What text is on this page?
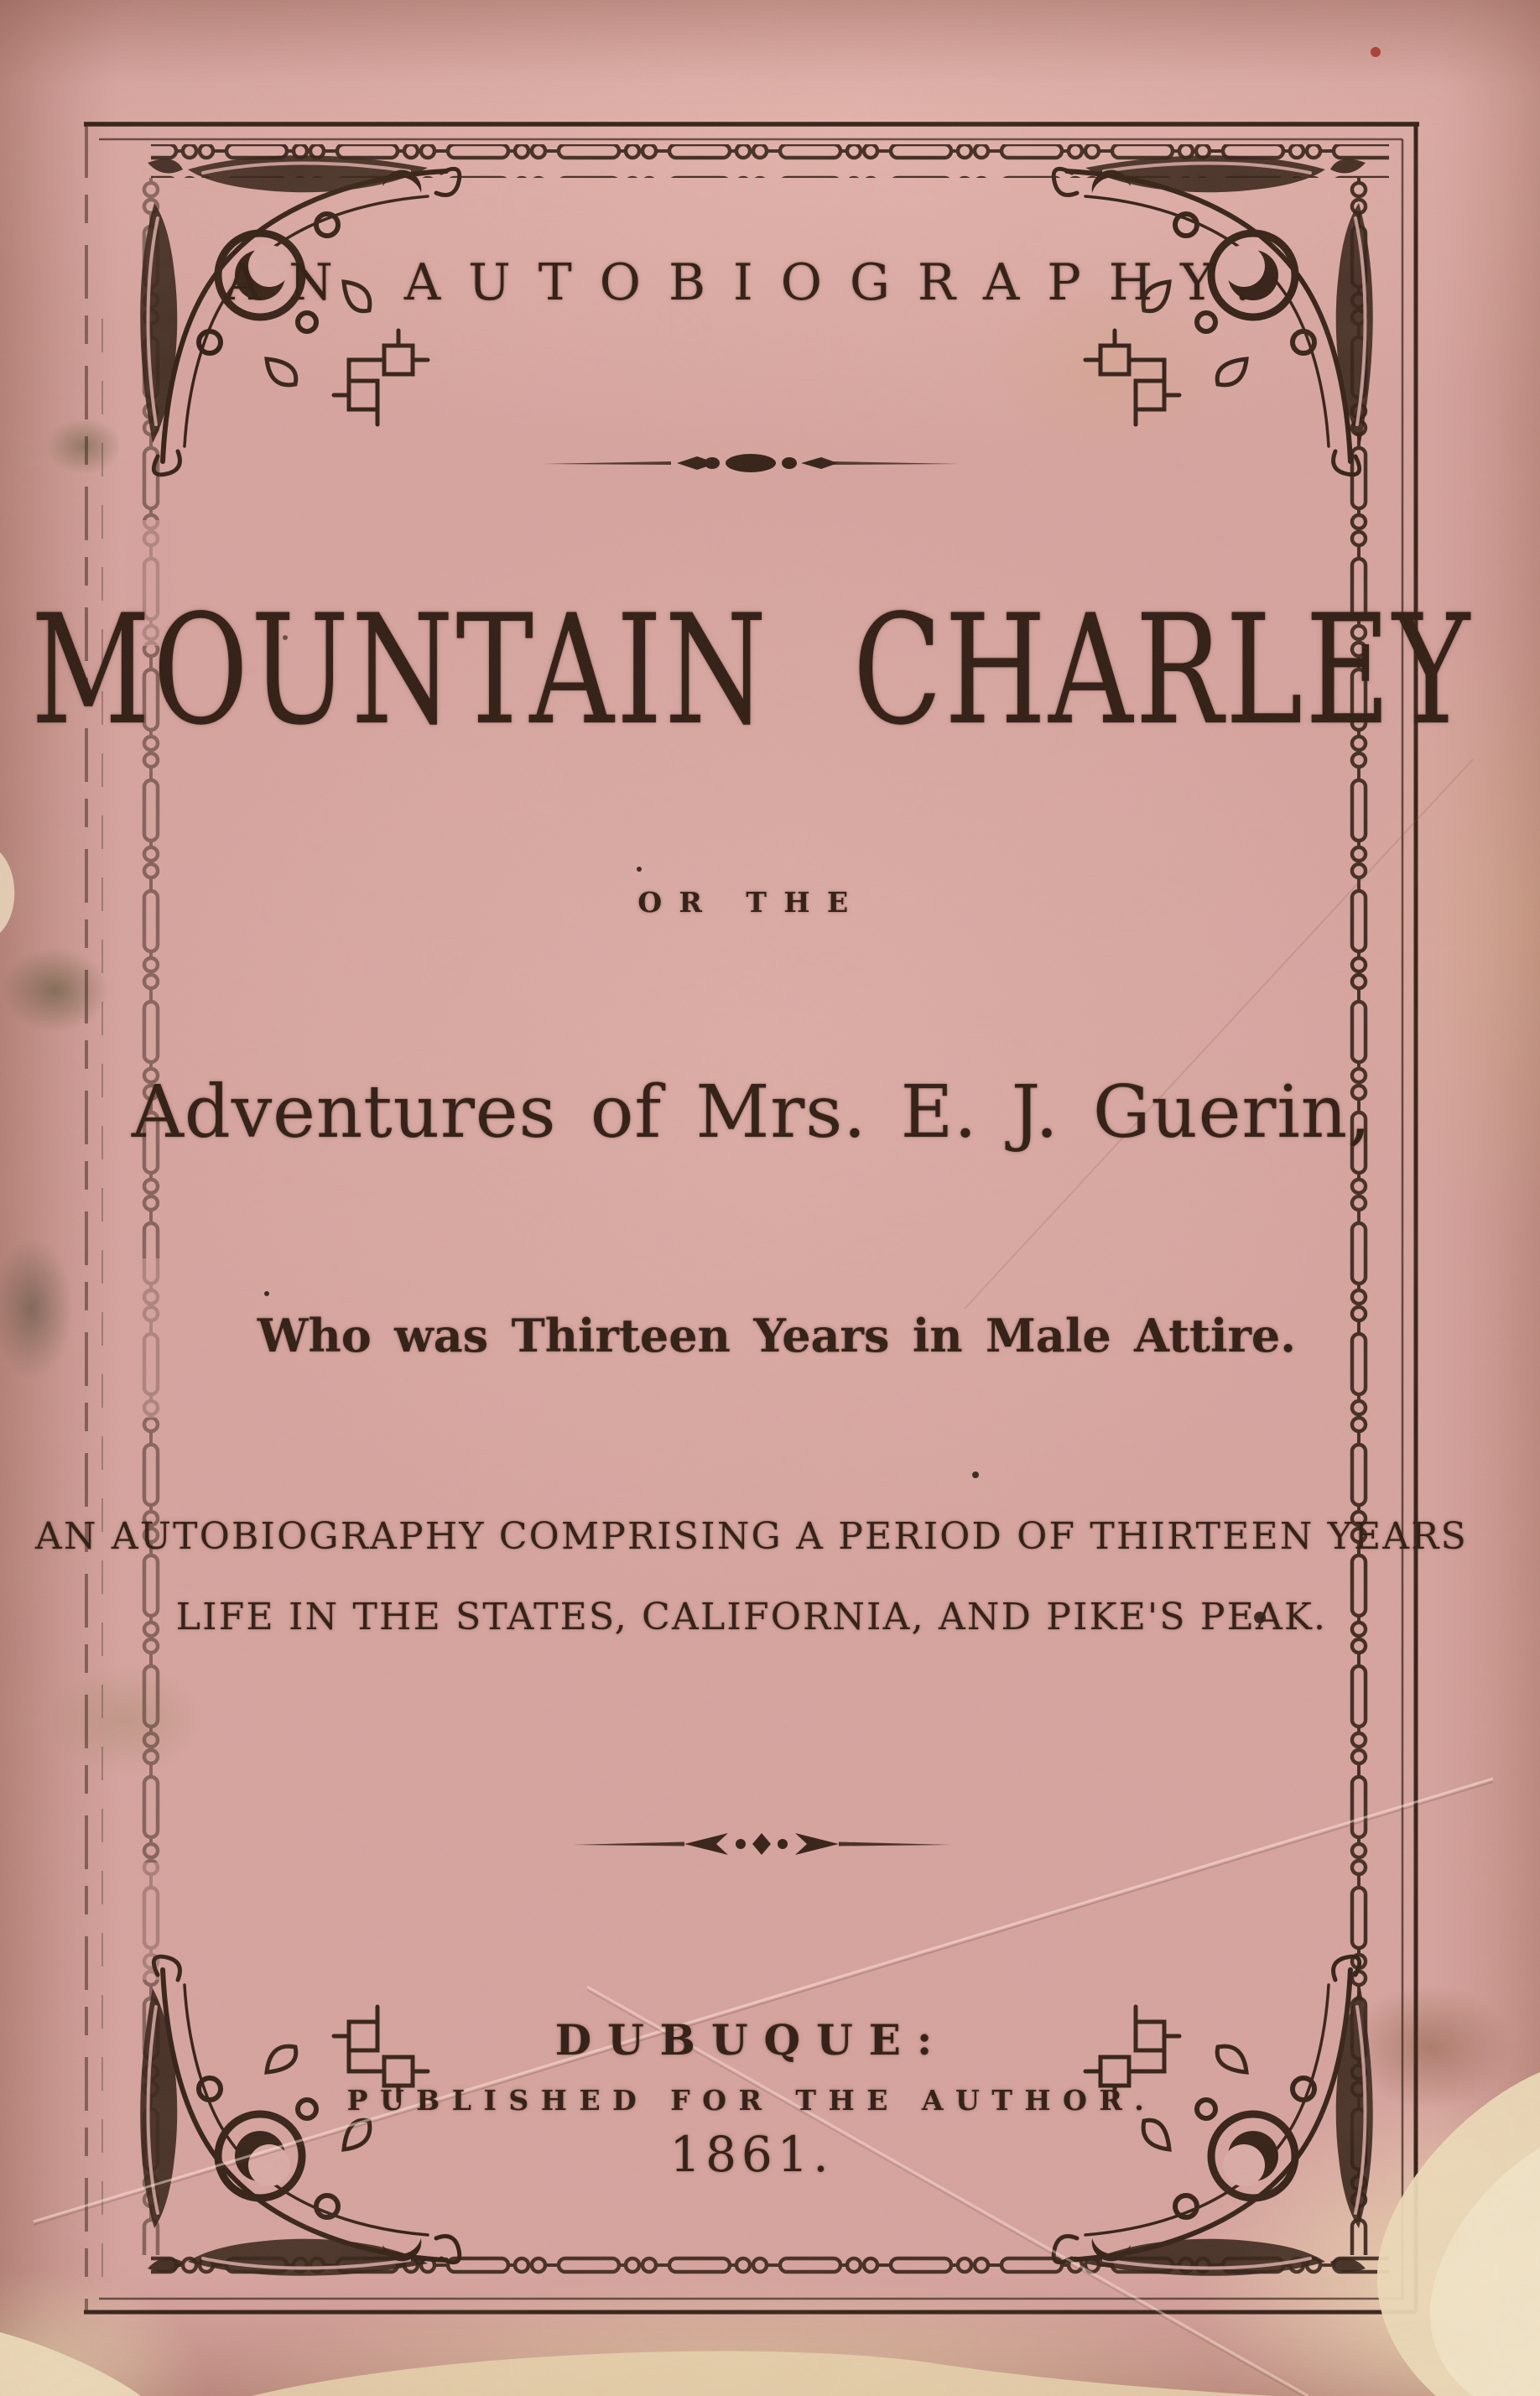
AN AUTOBIOGRAPHY.
MOUNTAIN CHARLEY
OR THE
Adventures of Mrs. E. J. Guerin,
Who was Thirteen Years in Male Attire.
AN AUTOBIOGRAPHY COMPRISING A PERIOD OF THIRTEEN YEARS
LIFE IN THE STATES, CALIFORNIA, AND PIKE'S PEAK.
DUBUQUE:
PUBLISHED FOR THE AUTHOR.
1861.
